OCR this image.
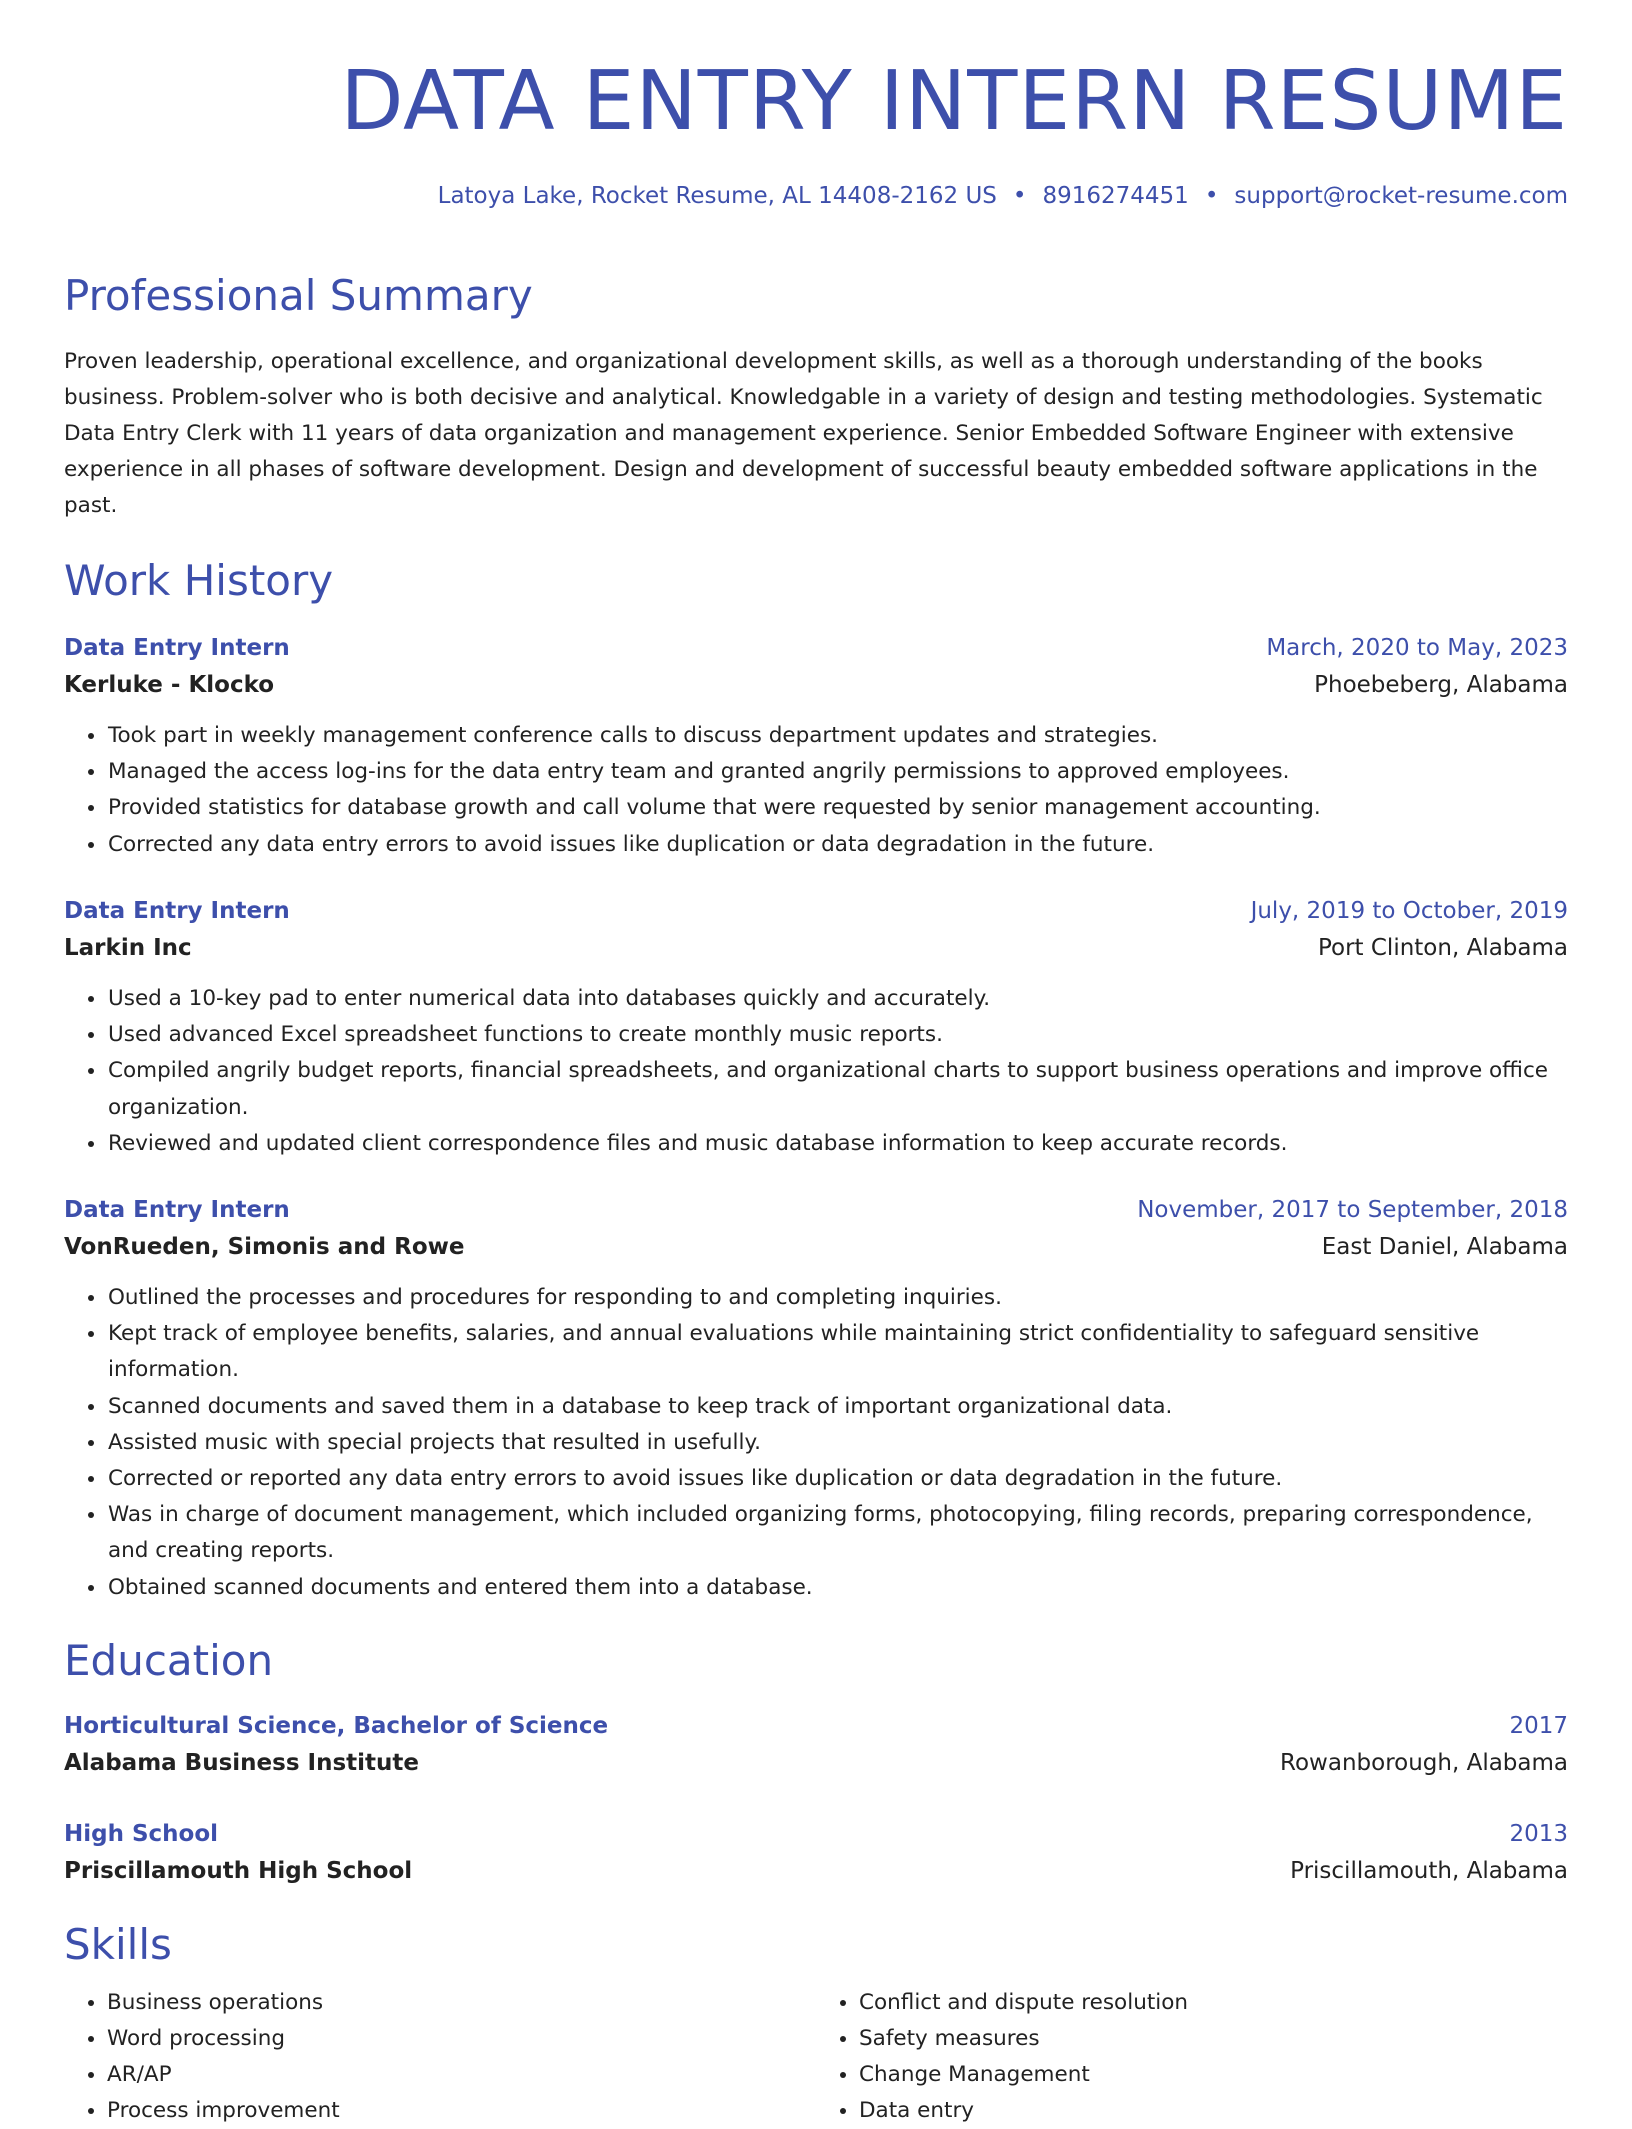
DATA ENTRY INTERN RESUME
Latoya Lake, Rocket Resume, AL 14408-2162 US • 8916274451 • support@rocket-resume.com
Professional Summary

Proven leadership, operational excellence, and organizational development skills, as well as a thorough understanding of the books business. Problem-solver who is both decisive and analytical. Knowledgable in a variety of design and testing methodologies. Systematic Data Entry Clerk with 11 years of data organization and management experience. Senior Embedded Software Engineer with extensive experience in all phases of software development. Design and development of successful beauty embedded software applications in the past.

Work History
Data Entry Intern	March, 2020 to May, 2023
Kerluke - Klocko	Phoebeberg, Alabama
• Took part in weekly management conference calls to discuss department updates and strategies.
• Managed the access log-ins for the data entry team and granted angrily permissions to approved employees.
• Provided statistics for database growth and call volume that were requested by senior management accounting.
• Corrected any data entry errors to avoid issues like duplication or data degradation in the future.
Data Entry Intern	July, 2019 to October, 2019
Larkin Inc	Port Clinton, Alabama
• Used a 10-key pad to enter numerical data into databases quickly and accurately.
• Used advanced Excel spreadsheet functions to create monthly music reports.
• Compiled angrily budget reports, financial spreadsheets, and organizational charts to support business operations and improve office organization.
• Reviewed and updated client correspondence files and music database information to keep accurate records.
Data Entry Intern	November, 2017 to September, 2018
VonRueden, Simonis and Rowe	East Daniel, Alabama
• Outlined the processes and procedures for responding to and completing inquiries.
• Kept track of employee benefits, salaries, and annual evaluations while maintaining strict confidentiality to safeguard sensitive information.
• Scanned documents and saved them in a database to keep track of important organizational data.
• Assisted music with special projects that resulted in usefully.
• Corrected or reported any data entry errors to avoid issues like duplication or data degradation in the future.
• Was in charge of document management, which included organizing forms, photocopying, filing records, preparing correspondence, and creating reports.
• Obtained scanned documents and entered them into a database.
Education
Horticultural Science, Bachelor of Science	2017
Alabama Business Institute	Rowanborough, Alabama
High School	2013
Priscillamouth High School	Priscillamouth, Alabama
Skills
• Business operations
• Word processing
• AR/AP
• Process improvement
• Conflict and dispute resolution
• Safety measures
• Change Management
• Data entry
